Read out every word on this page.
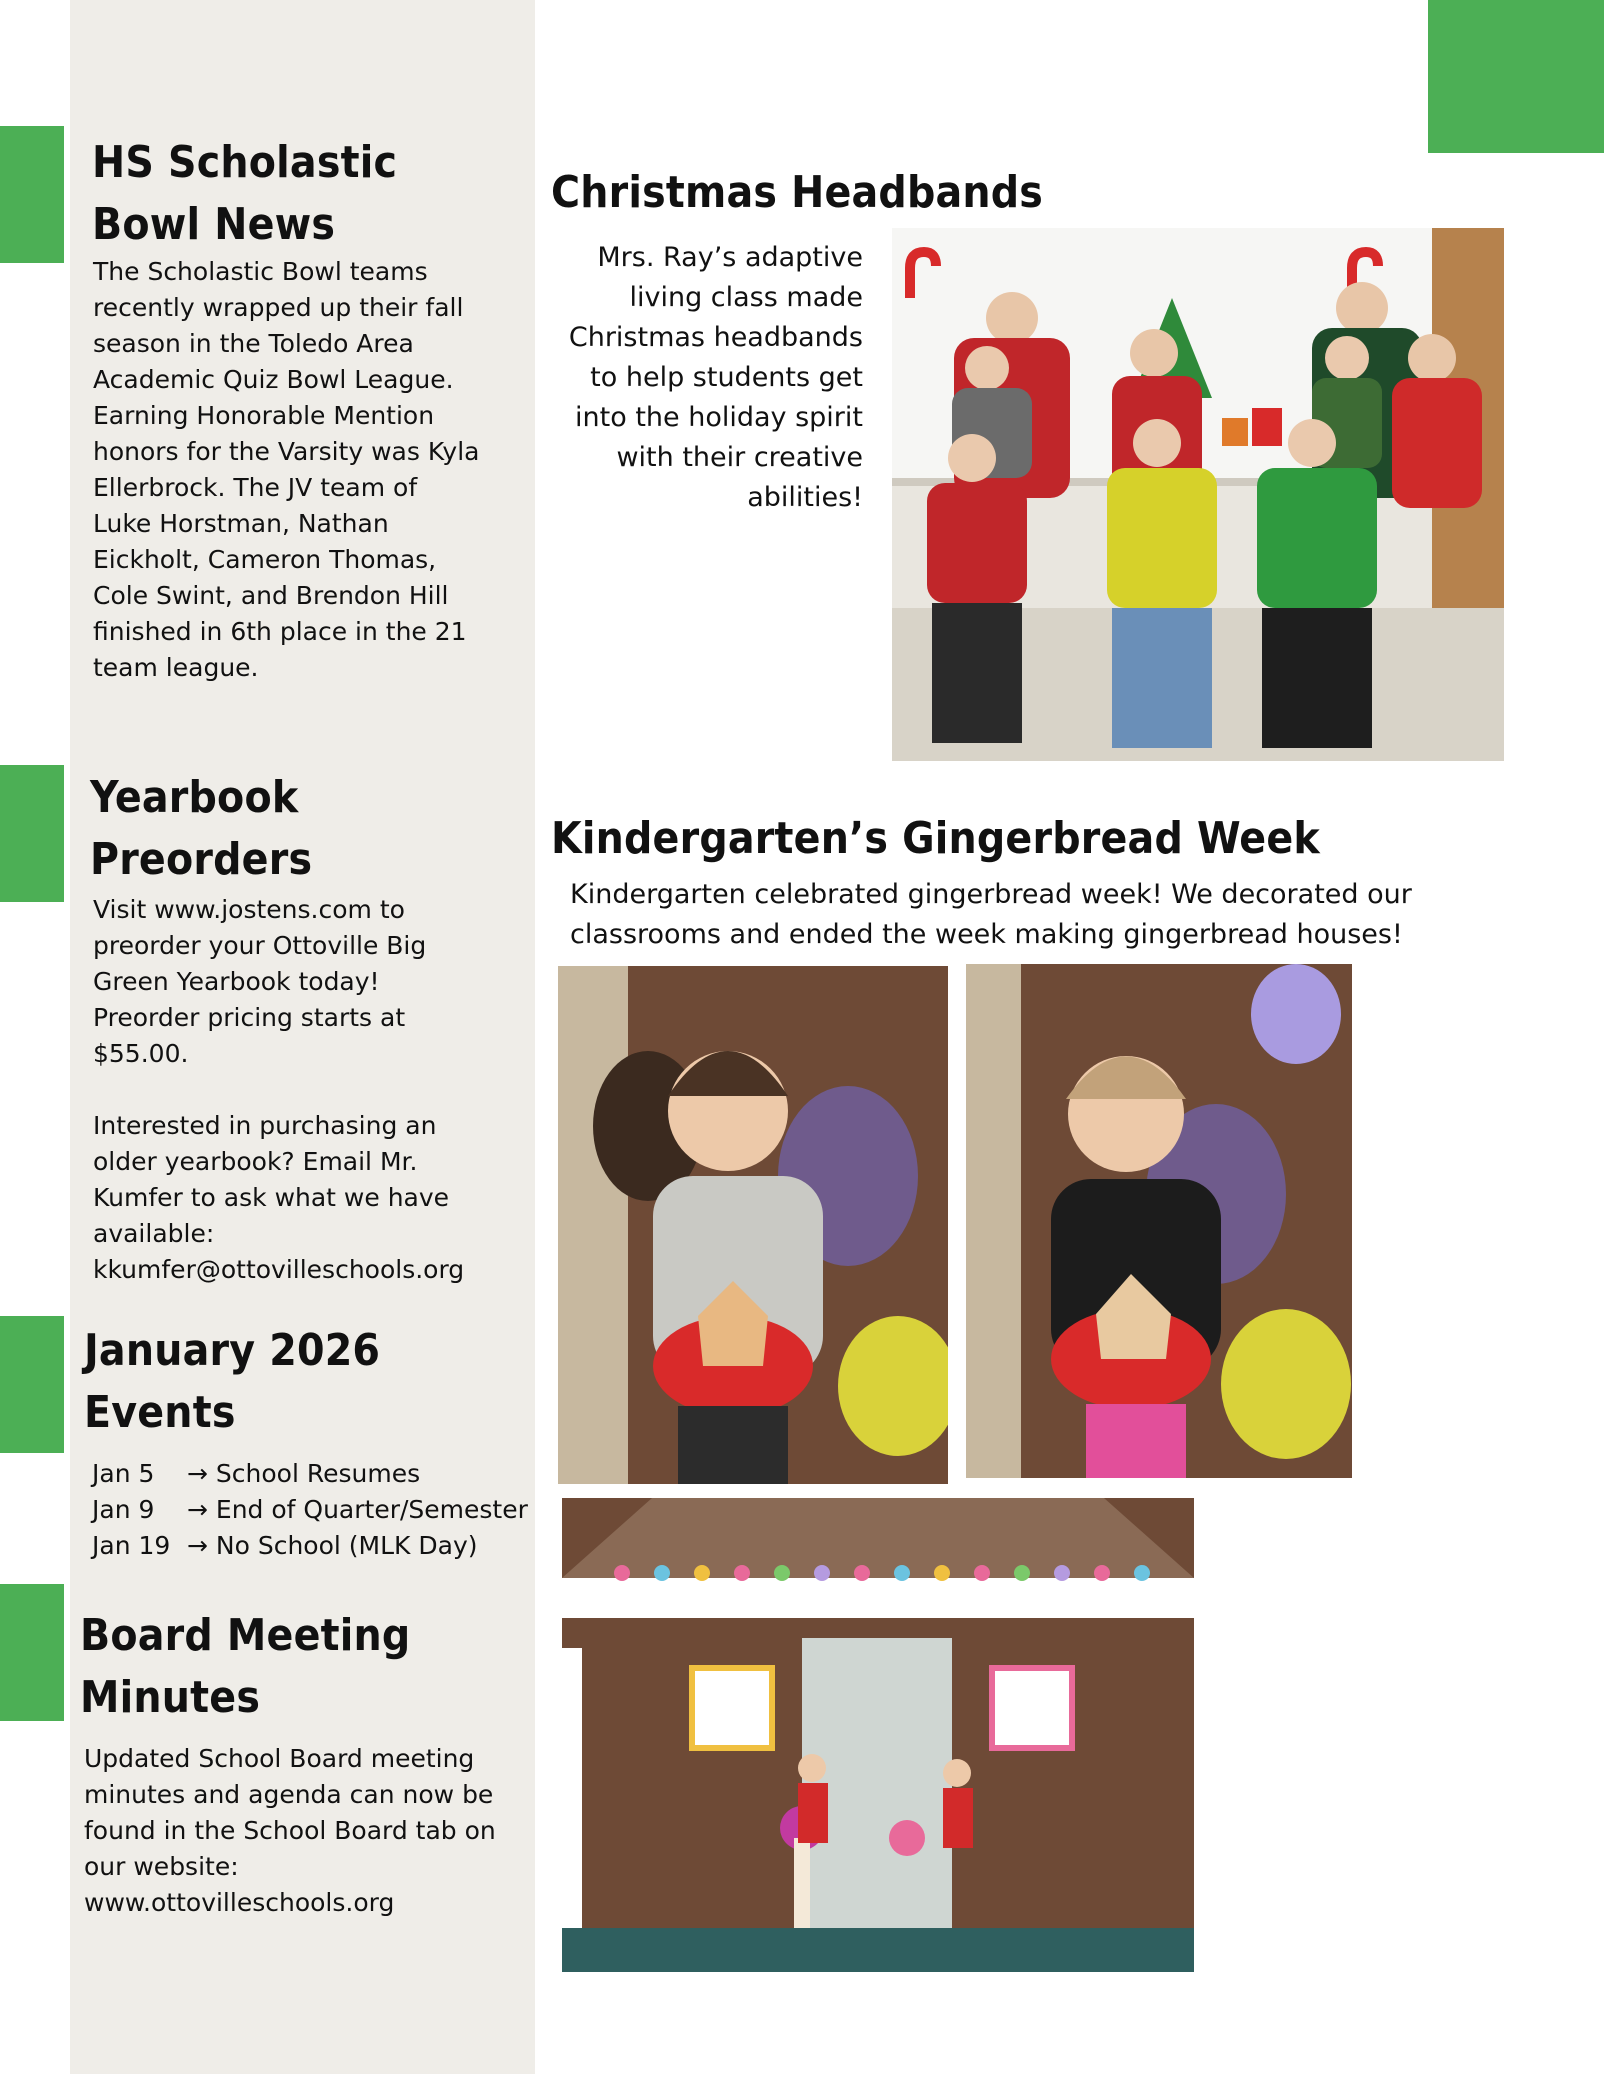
HS Scholastic
Bowl News

The Scholastic Bowl teams

recently wrapped up their fall

season in the Toledo Area

Academic Quiz Bowl League.

Earning Honorable Mention

honors for the Varsity was Kyla

Ellerbrock. The JV team of

Luke Horstman, Nathan

Eickholt, Cameron Thomas,

Cole Swint, and Brendon Hill

finished in 6th place in the 21

team league.

Yearbook
Preorders

Visit www.jostens.com to

preorder your Ottoville Big

Green Yearbook today!

Preorder pricing starts at

$55.00.

Interested in purchasing an

older yearbook? Email Mr.

Kumfer to ask what we have

available:

kkumfer@ottovilleschools.org

January 2026
Events
Jan 5	→ School Resumes
Jan 9	→ End of Quarter/Semester
Jan 19 → No School (MLK Day)
Board Meeting
Minutes

Updated School Board meeting

minutes and agenda can now be

found in the School Board tab on

our website:

www.ottovilleschools.org

Christmas Headbands

Mrs. Ray’s adaptive

living class made

Christmas headbands

to help students get

into the holiday spirit

with their creative

abilities!

Kindergarten’s Gingerbread Week

Kindergarten celebrated gingerbread week! We decorated our

classrooms and ended the week making gingerbread houses!
